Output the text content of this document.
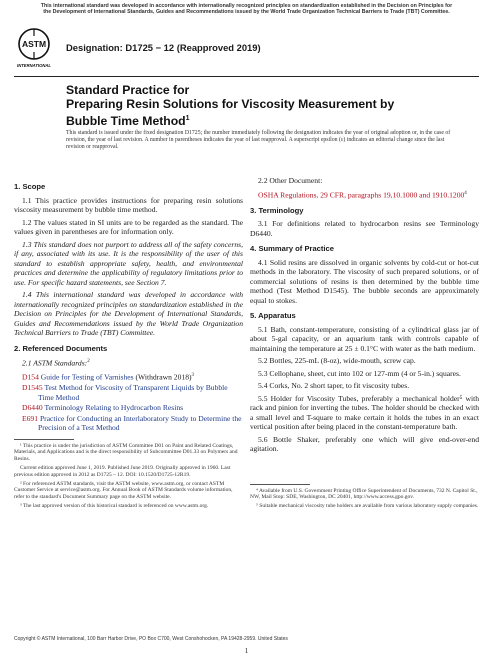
This international standard was developed in accordance with internationally recognized principles on standardization established in the Decision on Principles for the Development of International Standards, Guides and Recommendations issued by the World Trade Organization Technical Barriers to Trade (TBT) Committee.
ASTM
INTERNATIONAL
Designation: D1725 − 12 (Reapproved 2019)
Standard Practice for
Preparing Resin Solutions for Viscosity Measurement by
Bubble Time Method$^1$
This standard is issued under the fixed designation D1725; the number immediately following the designation indicates the year of original adoption or, in the case of revision, the year of last revision. A number in parentheses indicates the year of last reapproval. A superscript epsilon (ε) indicates an editorial change since the last revision or reapproval.
1. Scope

1.1 This practice provides instructions for preparing resin solutions viscosity measurement by bubble time method.

1.2 The values stated in SI units are to be regarded as the standard. The values given in parentheses are for information only.

1.3 This standard does not purport to address all of the safety concerns, if any, associated with its use. It is the responsibility of the user of this standard to establish appropriate safety, health, and environmental practices and determine the applicability of regulatory limitations prior to use. For specific hazard statements, see Section 7.

1.4 This international standard was developed in accordance with internationally recognized principles on standardization established in the Decision on Principles for the Development of International Standards, Guides and Recommendations issued by the World Trade Organization Technical Barriers to Trade (TBT) Committee.

2. Referenced Documents

2.1 ASTM Standards:$^2$

D154 Guide for Testing of Varnishes (Withdrawn 2018)$^3$
D1545 Test Method for Viscosity of Transparent Liquids by Bubble Time Method
D6440 Terminology Relating to Hydrocarbon Resins
E691 Practice for Conducting an Interlaboratory Study to Determine the Precision of a Test Method

¹ This practice is under the jurisdiction of ASTM Committee D01 on Paint and Related Coatings, Materials, and Applications and is the direct responsibility of Subcommittee D01.33 on Polymers and Resins.

Current edition approved June 1, 2019. Published June 2019. Originally approved in 1960. Last previous edition approved in 2012 as D1725 – 12. DOI: 10.1520/D1725-12R19.

² For referenced ASTM standards, visit the ASTM website, www.astm.org, or contact ASTM Customer Service at service@astm.org. For Annual Book of ASTM Standards volume information, refer to the standard's Document Summary page on the ASTM website.

³ The last approved version of this historical standard is referenced on www.astm.org.

2.2 Other Document:

OSHA Regulations, 29 CFR, paragraphs 19,10.1000 and 1910.1200$^4$
3. Terminology

3.1 For definitions related to hydrocarbon resins see Terminology D6440.

4. Summary of Practice

4.1 Solid resins are dissolved in organic solvents by cold-cut or hot-cut methods in the laboratory. The viscosity of such prepared solutions, or of commercial solutions of resins is then determined by the bubble time method (Test Method D1545). The bubble seconds are approximately equal to stokes.

5. Apparatus

5.1 Bath, constant-temperature, consisting of a cylindrical glass jar of about 5-gal capacity, or an aquarium tank with controls capable of maintaining the temperature at 25 ± 0.1°C with water as the bath medium.

5.2 Bottles, 225-mL (8-oz), wide-mouth, screw cap.

5.3 Cellophane, sheet, cut into 102 or 127-mm (4 or 5-in.) squares.

5.4 Corks, No. 2 short taper, to fit viscosity tubes.

5.5 Holder for Viscosity Tubes, preferably a mechanical holder⁵ with rack and pinion for inverting the tubes. The holder should be checked with a small level and T-square to make certain it holds the tubes in an exact vertical position after being placed in the constant-temperature bath.

5.6 Bottle Shaker, preferably one which will give end-over-end agitation.

⁴ Available from U.S. Government Printing Office Superintendent of Documents, 732 N. Capitol St., NW, Mail Stop: SDE, Washington, DC 20401, http://www.access.gpo.gov.

⁵ Suitable mechanical viscosity tube holders are available from various laboratory supply companies.

Copyright © ASTM International, 100 Barr Harbor Drive, PO Box C700, West Conshohocken, PA 19428-2959. United States
1
